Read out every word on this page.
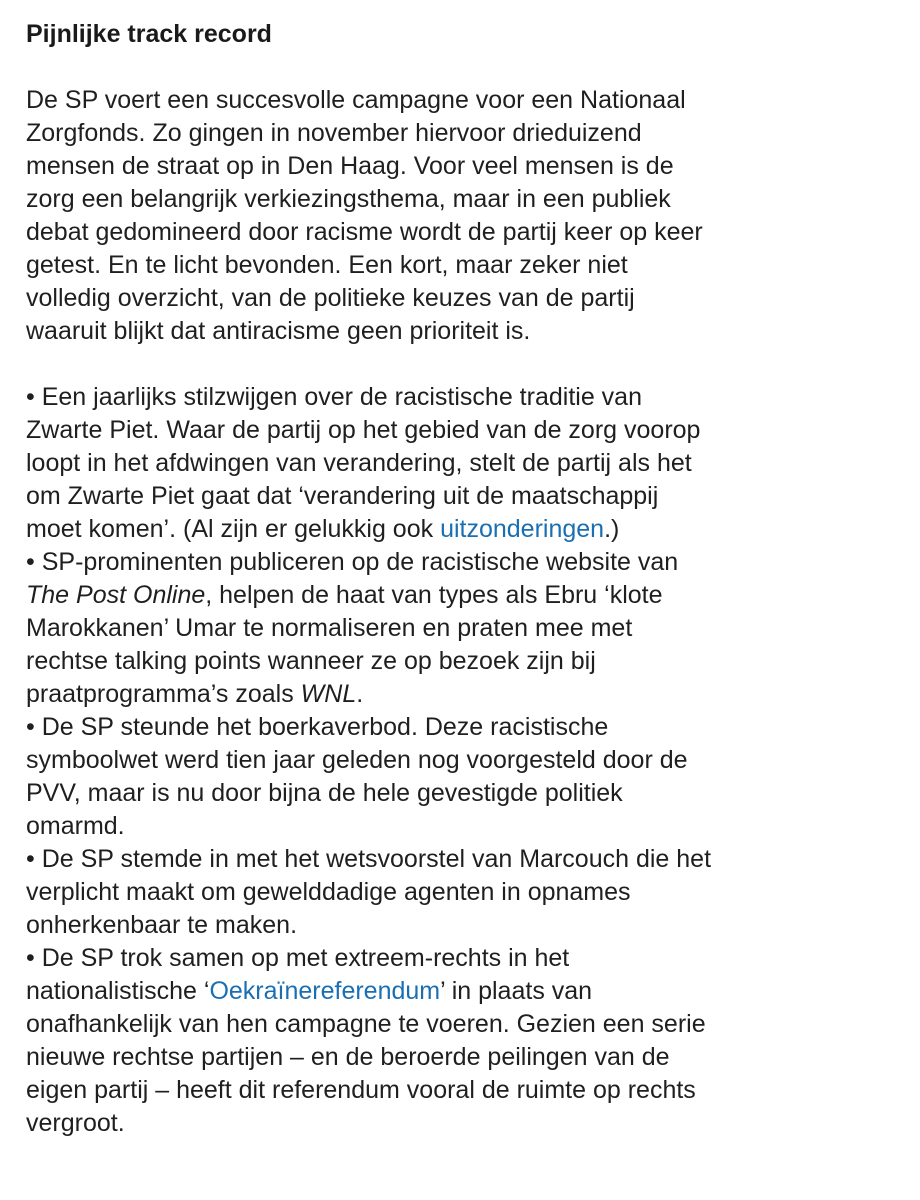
Pijnlijke track record

De SP voert een succesvolle campagne voor een Nationaal Zorgfonds. Zo gingen in november hiervoor drieduizend mensen de straat op in Den Haag. Voor veel mensen is de zorg een belangrijk verkiezingsthema, maar in een publiek debat gedomineerd door racisme wordt de partij keer op keer getest. En te licht bevonden. Een kort, maar zeker niet volledig overzicht, van de politieke keuzes van de partij waaruit blijkt dat antiracisme geen prioriteit is.

• Een jaarlijks stilzwijgen over de racistische traditie van Zwarte Piet. Waar de partij op het gebied van de zorg voorop loopt in het afdwingen van verandering, stelt de partij als het om Zwarte Piet gaat dat ‘verandering uit de maatschappij moet komen’. (Al zijn er gelukkig ook uitzonderingen.)
• SP-prominenten publiceren op de racistische website van The Post Online, helpen de haat van types als Ebru ‘klote Marokkanen’ Umar te normaliseren en praten mee met rechtse talking points wanneer ze op bezoek zijn bij praatprogramma’s zoals WNL.
• De SP steunde het boerkaverbod. Deze racistische symboolwet werd tien jaar geleden nog voorgesteld door de PVV, maar is nu door bijna de hele gevestigde politiek omarmd.
• De SP stemde in met het wetsvoorstel van Marcouch die het verplicht maakt om gewelddadige agenten in opnames onherkenbaar te maken.
• De SP trok samen op met extreem-rechts in het nationalistische ‘Oekraïnereferendum’ in plaats van onafhankelijk van hen campagne te voeren. Gezien een serie nieuwe rechtse partijen – en de beroerde peilingen van de eigen partij – heeft dit referendum vooral de ruimte op rechts vergroot.
